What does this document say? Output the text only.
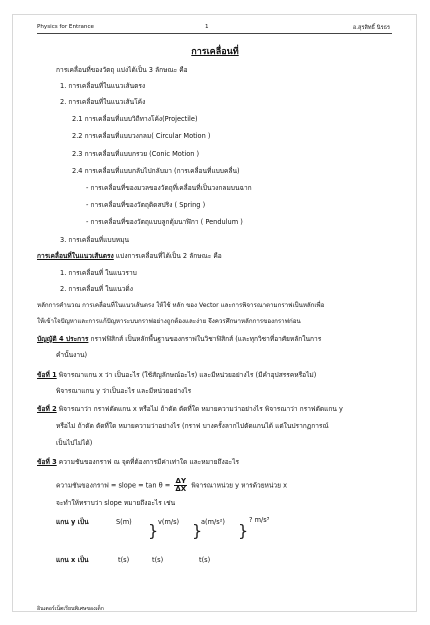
Physics for Entrance	1	อ.สุรสิทธิ์ นิรธร
การเคลื่อนที่
การเคลื่อนที่ของวัตถุ แบ่งได้เป็น 3 ลักษณะ คือ
1. การเคลื่อนที่ในแนวเส้นตรง
2. การเคลื่อนที่ในแนวเส้นโค้ง
2.1 การเคลื่อนที่แบบวิถีทางโค้ง(Projectile)
2.2 การเคลื่อนที่แบบวงกลม( Circular Motion )
2.3 การเคลื่อนที่แบบกรวย (Conic Motion )
2.4 การเคลื่อนที่แบบกลับไปกลับมา (การเคลื่อนที่แบบคลื่น)
- การเคลื่อนที่ของมวลของวัตถุที่เคลื่อนที่เป็นวงกลมบนฉาก
- การเคลื่อนที่ของวัตถุติดสปริง ( Spring )
- การเคลื่อนที่ของวัตถุแบบลูกตุ้มนาฬิกา ( Pendulum )
3. การเคลื่อนที่แบบหมุน
การเคลื่อนที่ในแนวเส้นตรง แบ่งการเคลื่อนที่ได้เป็น 2 ลักษณะ คือ
1. การเคลื่อนที่ ในแนวราบ
2. การเคลื่อนที่ ในแนวดิ่ง
หลักการคำนวณ การเคลื่อนที่ในแนวเส้นตรง ให้ใช้ หลัก ของ Vector และการพิจารณาตามกราฟเป็นหลักเพื่อ
ให้เข้าใจปัญหาและการแก้ปัญหาระบบกราฟอย่างถูกต้องและง่าย จึงควรศึกษาหลักการของกราฟก่อน
บัญญัติ 4 ประการ กราฟฟิสิกส์ เป็นหลักพื้นฐานของกราฟในวิชาฟิสิกส์ (และทุกวิชาที่อาศัยหลักในการ
คำนั้นงาน)
ข้อที่ 1 พิจารณาแกน x ว่า เป็นอะไร (ใช้สัญลักษณ์อะไร) และมีหน่วยอย่างไร (มีคำอุปสรรคหรือไม่)
พิจารณาแกน y ว่าเป็นอะไร และมีหน่วยอย่างไร
ข้อที่ 2 พิจารณาว่า กราฟตัดแกน x หรือไม่ ถ้าตัด ตัดที่ใด หมายความว่าอย่างไร พิจารณาว่า กราฟตัดแกน y
หรือไม่ ถ้าตัด ตัดที่ใด หมายความว่าอย่างไร (กราฟ บางครั้งลากไปตัดแกนได้ แต่ในปรากฏการณ์
เป็นไปไม่ได้)
ข้อที่ 3 ความชันของกราฟ ณ จุดที่ต้องการมีค่าเท่าใด และหมายถึงอะไร
ความชันของกราฟ = slope = $\tan \theta = \frac{\Delta Y}{\Delta X}$ พิจารณาหน่วย y หารด้วยหน่วย x
จะทำให้ทราบว่า slope หมายถึงอะไร เช่น
แกน y เป็น	S(m)	v(m/s)	a(m/s²)	? m/s³
} } }
แกน x เป็น	t(s)	t(s)	t(s)
อินเตอร์เน็ตเรียนพิเศษของเด็ก
